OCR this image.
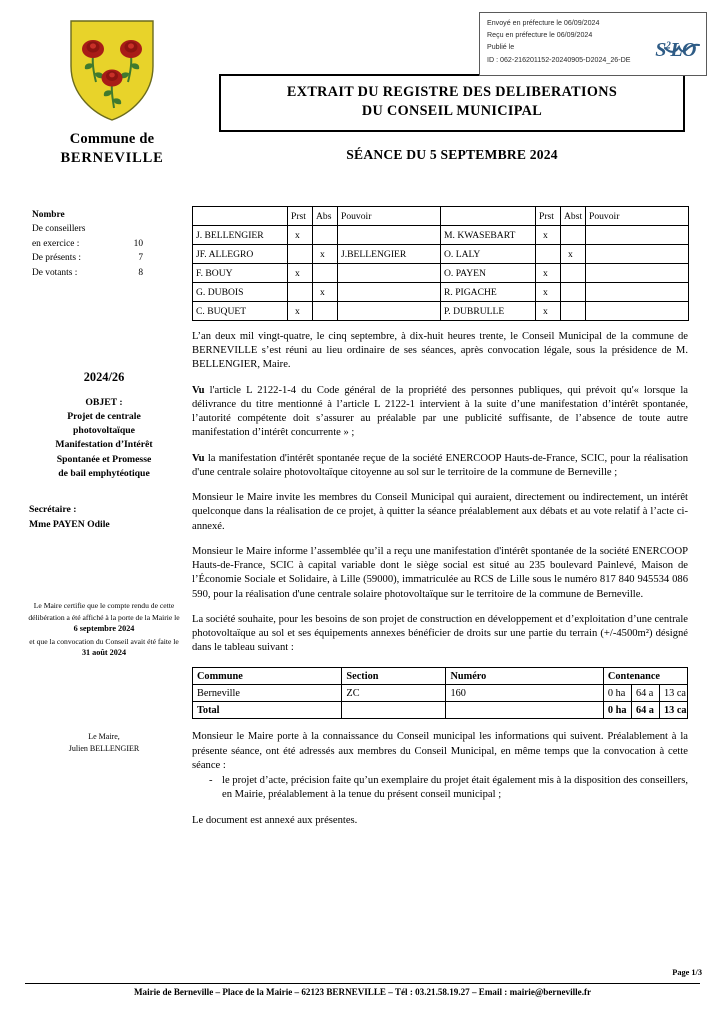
Envoyé en préfecture le 06/09/2024
Reçu en préfecture le 06/09/2024
Publié le
ID : 062-216201152-20240905-D2024_26-DE	$S^2LO$
Commune de
BERNEVILLE
EXTRAIT DU REGISTRE DES DELIBERATIONS
DU CONSEIL MUNICIPAL
SÉANCE DU 5 SEPTEMBRE 2024
Nombre
De conseillers
en exercice :	10
De présents :	7
De votants :	8
2024/26
OBJET :
Projet de centrale
photovoltaïque
Manifestation d’Intérêt
Spontanée et Promesse
de bail emphytéotique
Secrétaire :
Mme PAYEN Odile
Le Maire certifie que le compte rendu de cette délibération a été affiché à la porte de la Mairie le
6 septembre 2024
et que la convocation du Conseil avait été faite le
31 août 2024
Le Maire,
Julien BELLENGIER
	Prst	Abs	Pouvoir		Prst	Abst	Pouvoir
J. BELLENGIER	x			M. KWASEBART	x		
JF. ALLEGRO		x	J.BELLENGIER	O. LALY		x	
F. BOUY	x			O. PAYEN	x		
G. DUBOIS		x		R. PIGACHE	x		
C. BUQUET	x			P. DUBRULLE	x		

L’an deux mil vingt-quatre, le cinq septembre, à dix-huit heures trente, le Conseil Municipal de la commune de BERNEVILLE s’est réuni au lieu ordinaire de ses séances, après convocation légale, sous la présidence de M. BELLENGIER, Maire.

Vu l'article L 2122-1-4 du Code général de la propriété des personnes publiques, qui prévoit qu'« lorsque la délivrance du titre mentionné à l’article L 2122-1 intervient à la suite d’une manifestation d’intérêt spontanée, l’autorité compétente doit s’assurer au préalable par une publicité suffisante, de l’absence de toute autre manifestation d’intérêt concurrente » ;

Vu la manifestation d'intérêt spontanée reçue de la société ENERCOOP Hauts-de-France, SCIC, pour la réalisation d'une centrale solaire photovoltaïque citoyenne au sol sur le territoire de la commune de Berneville ;

Monsieur le Maire invite les membres du Conseil Municipal qui auraient, directement ou indirectement, un intérêt quelconque dans la réalisation de ce projet, à quitter la séance préalablement aux débats et au vote relatif à l’acte ci-annexé.

Monsieur le Maire informe l’assemblée qu’il a reçu une manifestation d'intérêt spontanée de la société ENERCOOP Hauts-de-France, SCIC à capital variable dont le siège social est situé au 235 boulevard Painlevé, Maison de l’Économie Sociale et Solidaire, à Lille (59000), immatriculée au RCS de Lille sous le numéro 817 840 945534 086 590, pour la réalisation d'une centrale solaire photovoltaïque sur le territoire de la commune de Berneville.

La société souhaite, pour les besoins de son projet de construction en développement et d’exploitation d’une centrale photovoltaïque au sol et ses équipements annexes bénéficier de droits sur une partie du terrain (+/-4500m²) désigné dans le tableau suivant :

Commune	Section	Numéro	Contenance		
Berneville	ZC	160	0 ha	64 a	13 ca
Total			0 ha	64 a	13 ca

Monsieur le Maire porte à la connaissance du Conseil municipal les informations qui suivent. Préalablement à la présente séance, ont été adressés aux membres du Conseil Municipal, en même temps que la convocation à cette séance :

- le projet d’acte, précision faite qu’un exemplaire du projet était également mis à la disposition des conseillers, en Mairie, préalablement à la tenue du présent conseil municipal ;

Le document est annexé aux présentes.

Page 1/3
Mairie de Berneville – Place de la Mairie – 62123 BERNEVILLE – Tél : 03.21.58.19.27 – Email : mairie@berneville.fr
